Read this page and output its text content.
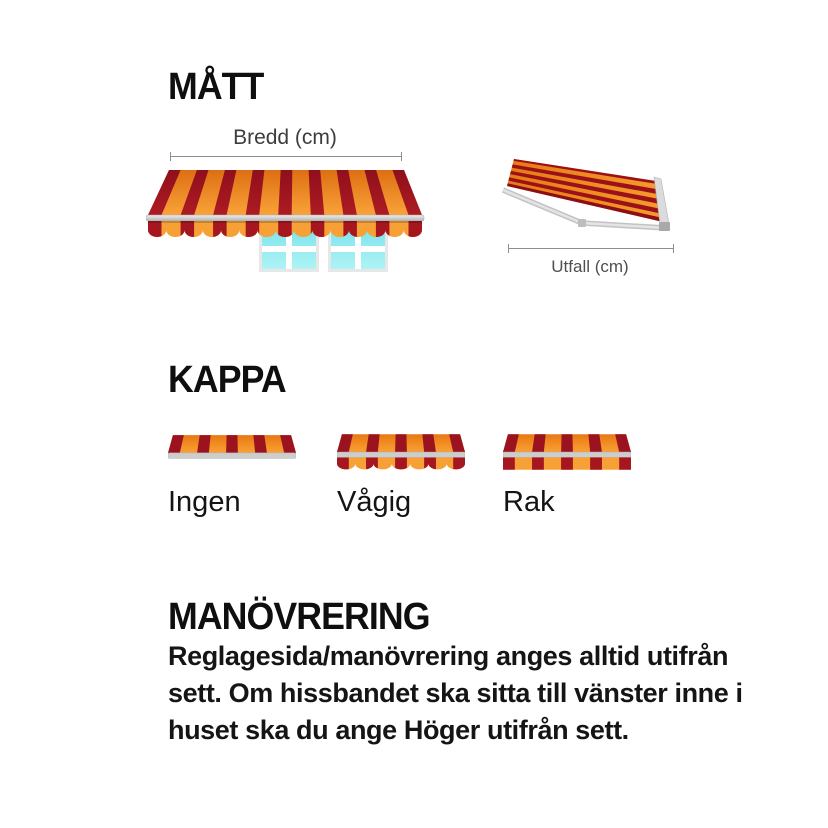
MÅTT
Bredd (cm)
Utfall (cm)
KAPPA
Ingen	Vågig	Rak
MANÖVRERING
Reglagesida/manövrering anges alltid utifrån
sett. Om hissbandet ska sitta till vänster inne i
huset ska du ange Höger utifrån sett.
